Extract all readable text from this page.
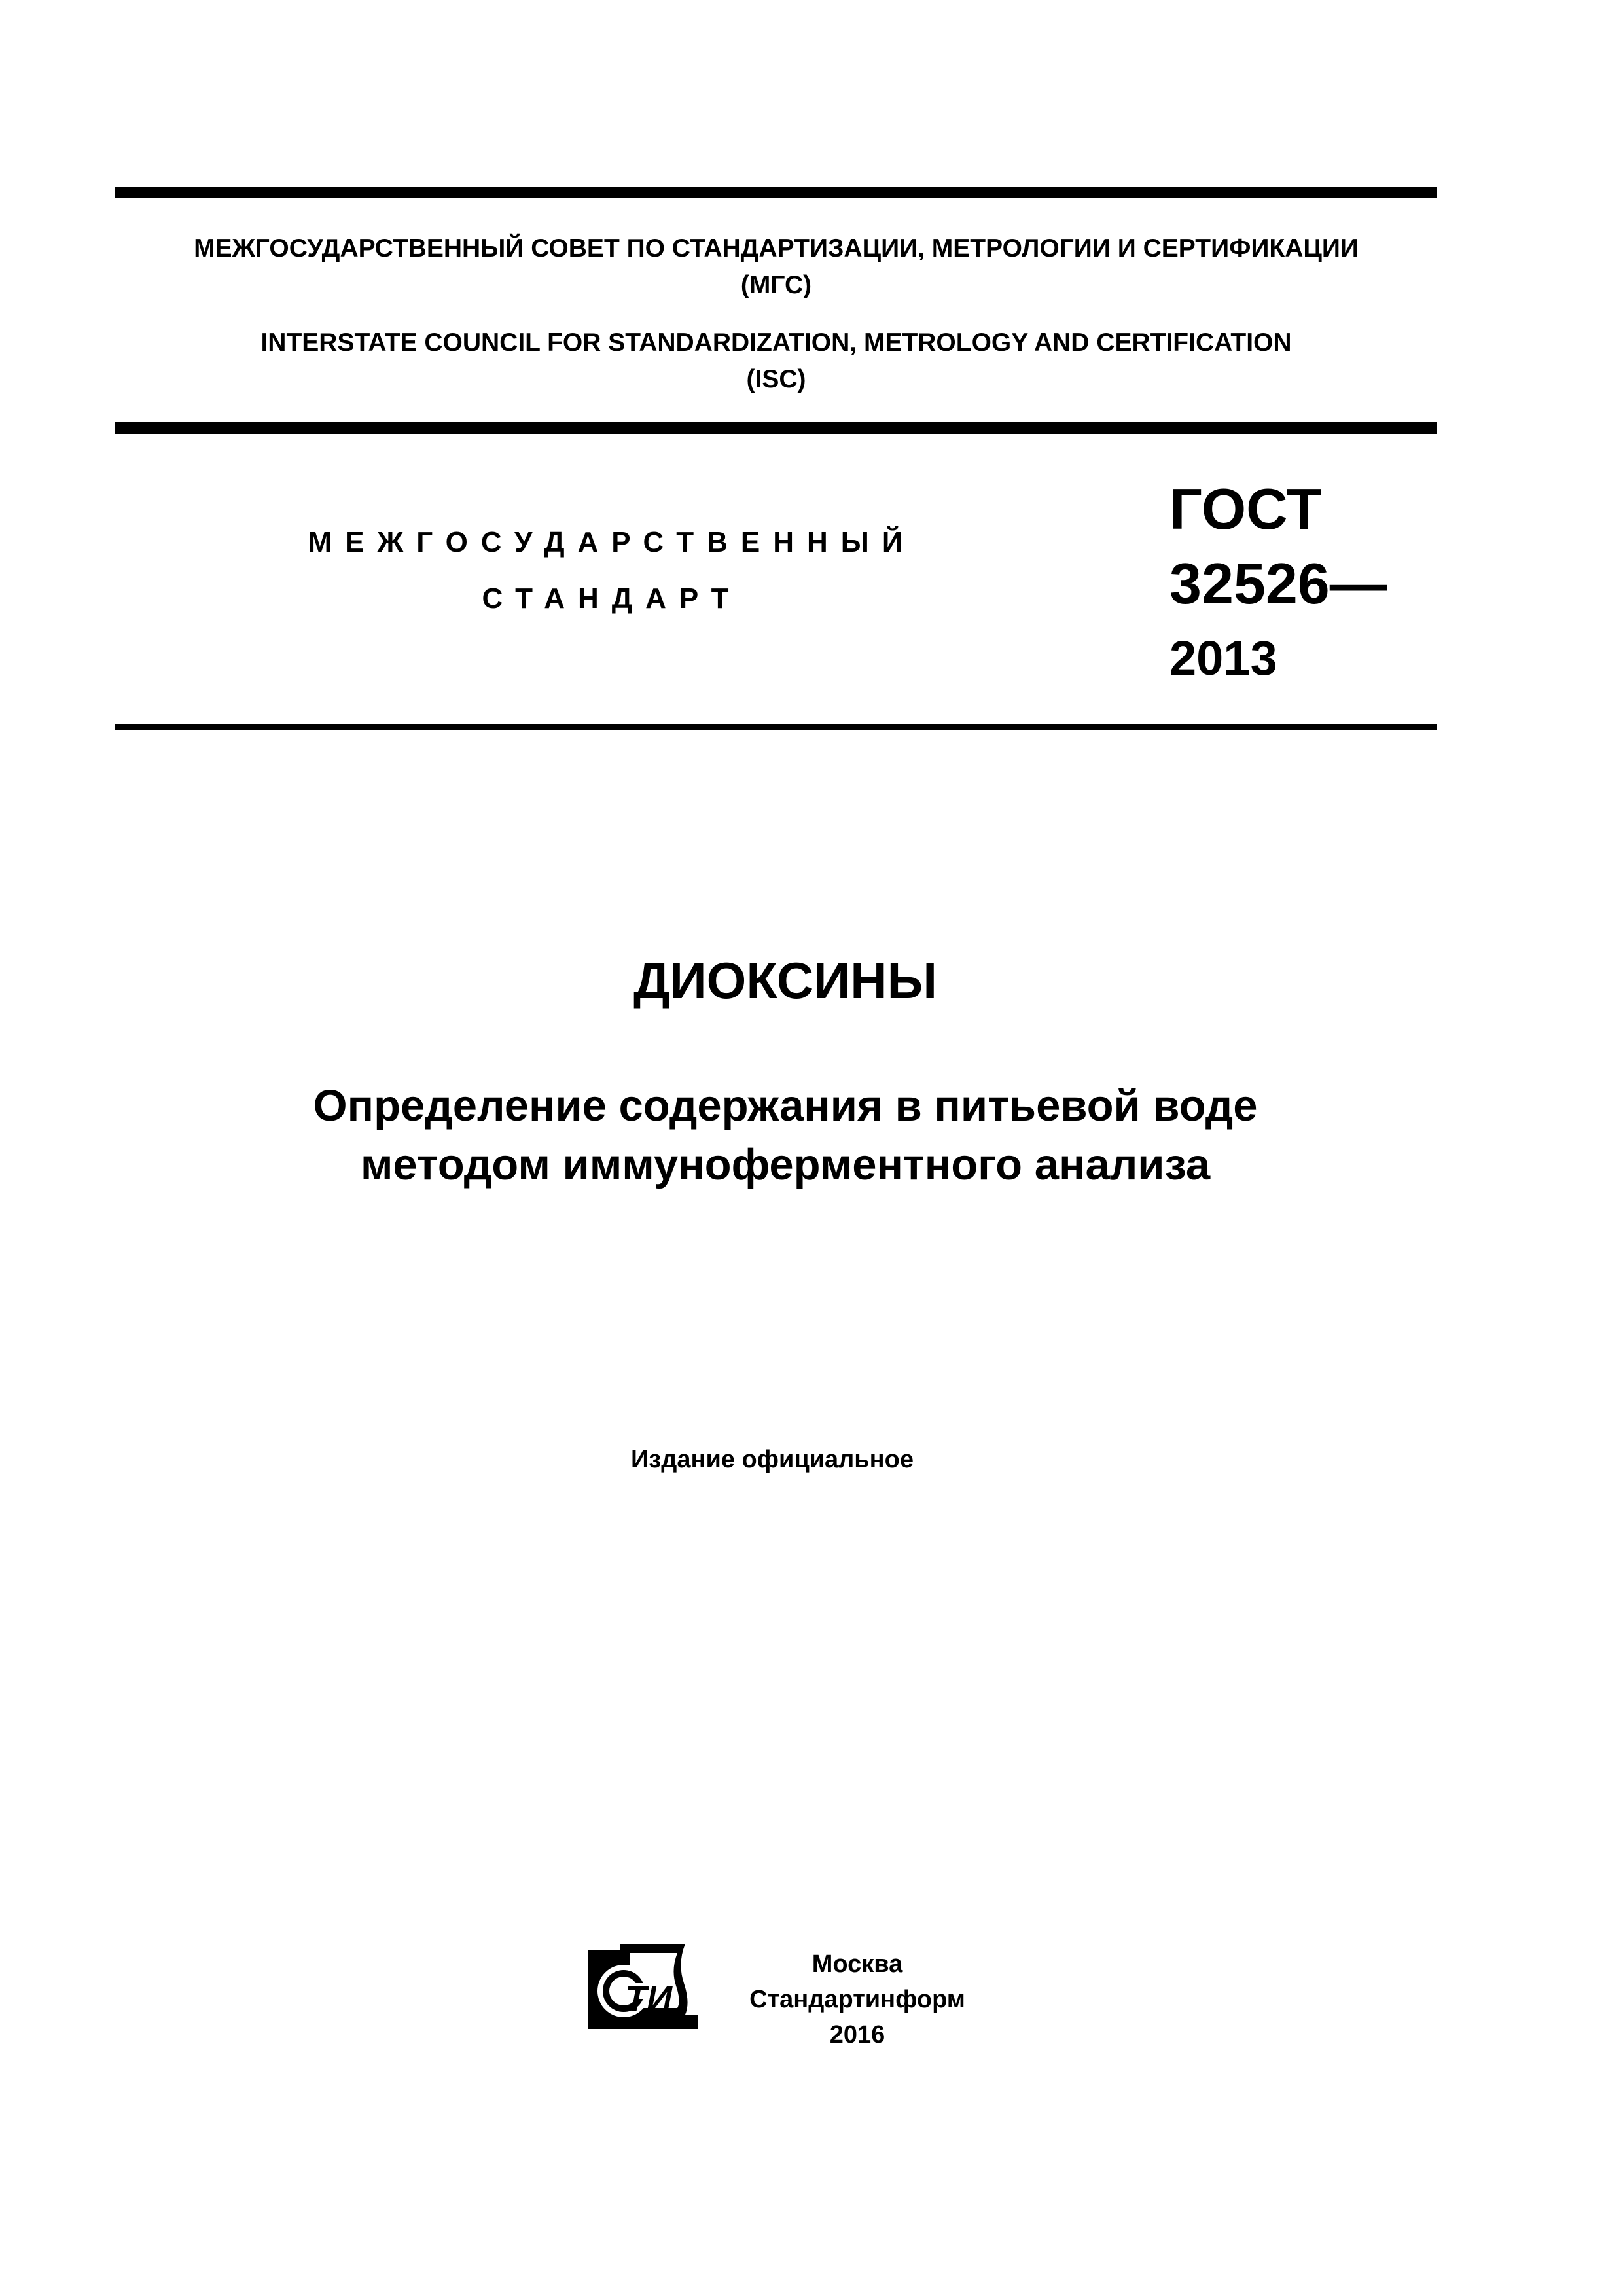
МЕЖГОСУДАРСТВЕННЫЙ СОВЕТ ПО СТАНДАРТИЗАЦИИ, МЕТРОЛОГИИ И СЕРТИФИКАЦИИ
(МГС)
INTERSTATE COUNCIL FOR STANDARDIZATION, METROLOGY AND CERTIFICATION
(ISC)
МЕЖГОСУДАРСТВЕННЫЙ
СТАНДАРТ
ГОСТ
32526—
2013
ДИОКСИНЫ
Определение содержания в питьевой воде
методом иммуноферментного анализа
Издание официальное
ТИ
Москва
Стандартинформ
2016
